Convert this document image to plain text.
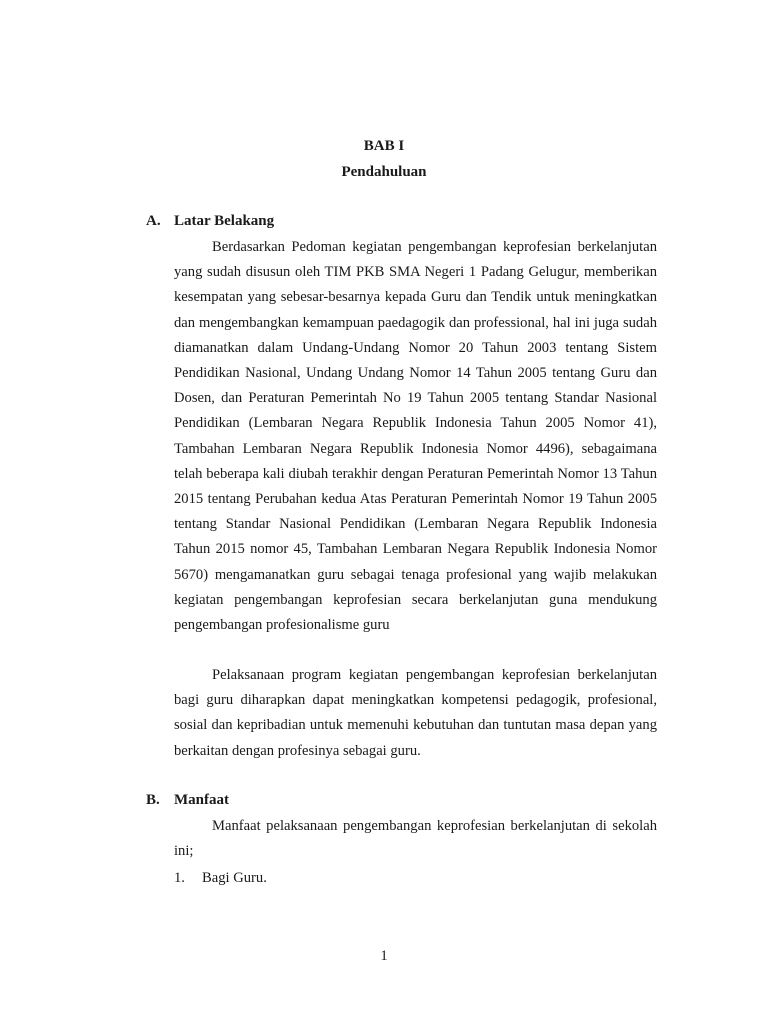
BAB I
Pendahuluan
A. Latar Belakang

Berdasarkan Pedoman kegiatan pengembangan keprofesian berkelanjutan yang sudah disusun oleh TIM PKB SMA Negeri 1 Padang Gelugur, memberikan kesempatan yang sebesar-besarnya kepada Guru dan Tendik untuk meningkatkan dan mengembangkan kemampuan paedagogik dan professional, hal ini juga sudah diamanatkan dalam Undang-Undang Nomor 20 Tahun 2003 tentang Sistem Pendidikan Nasional, Undang Undang Nomor 14 Tahun 2005 tentang Guru dan Dosen, dan Peraturan Pemerintah No 19 Tahun 2005 tentang Standar Nasional Pendidikan (Lembaran Negara Republik Indonesia Tahun 2005 Nomor 41), Tambahan Lembaran Negara Republik Indonesia Nomor 4496), sebagaimana telah beberapa kali diubah terakhir dengan Peraturan Pemerintah Nomor 13 Tahun 2015 tentang Perubahan kedua Atas Peraturan Pemerintah Nomor 19 Tahun 2005 tentang Standar Nasional Pendidikan (Lembaran Negara Republik Indonesia Tahun 2015 nomor 45, Tambahan Lembaran Negara Republik Indonesia Nomor 5670) mengamanatkan guru sebagai tenaga profesional yang wajib melakukan kegiatan pengembangan keprofesian secara berkelanjutan guna mendukung pengembangan profesionalisme guru

Pelaksanaan program kegiatan pengembangan keprofesian berkelanjutan bagi guru diharapkan dapat meningkatkan kompetensi pedagogik, profesional, sosial dan kepribadian untuk memenuhi kebutuhan dan tuntutan masa depan yang berkaitan dengan profesinya sebagai guru.

B. Manfaat

Manfaat pelaksanaan pengembangan keprofesian berkelanjutan di sekolah ini;

1. Bagi Guru.
1
